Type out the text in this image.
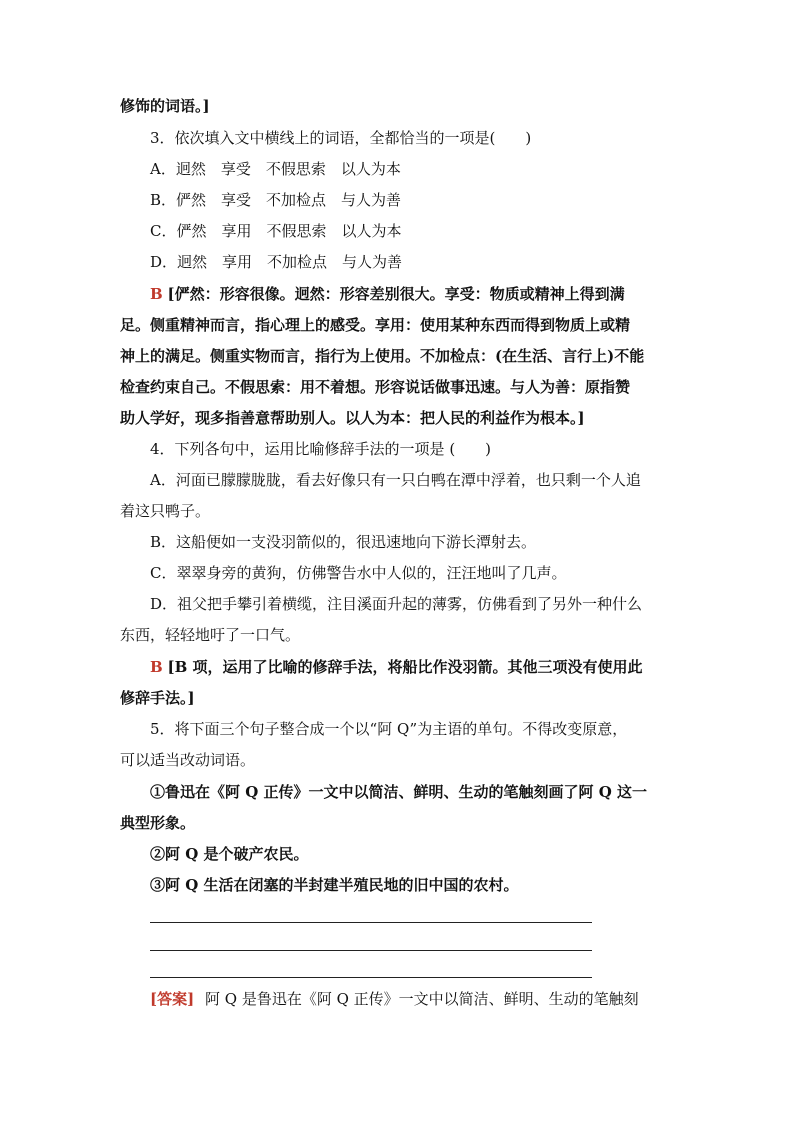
修饰的词语。]
3．依次填入文中横线上的词语，全都恰当的一项是(　　)
A．迥然　享受　不假思索　以人为本
B．俨然　享受　不加检点　与人为善
C．俨然　享用　不假思索　以人为本
D．迥然　享用　不加检点　与人为善
B [俨然：形容很像。迥然：形容差别很大。享受：物质或精神上得到满
足。侧重精神而言，指心理上的感受。享用：使用某种东西而得到物质上或精
神上的满足。侧重实物而言，指行为上使用。不加检点：(在生活、言行上)不能
检查约束自己。不假思索：用不着想。形容说话做事迅速。与人为善：原指赞
助人学好，现多指善意帮助别人。以人为本：把人民的利益作为根本。]
4．下列各句中，运用比喻修辞手法的一项是 (　　)
A．河面已朦朦胧胧，看去好像只有一只白鸭在潭中浮着，也只剩一个人追
着这只鸭子。
B．这船便如一支没羽箭似的，很迅速地向下游长潭射去。
C．翠翠身旁的黄狗，仿佛警告水中人似的，汪汪地叫了几声。
D．祖父把手攀引着横缆，注目溪面升起的薄雾，仿佛看到了另外一种什么
东西，轻轻地吁了一口气。
B [B 项，运用了比喻的修辞手法，将船比作没羽箭。其他三项没有使用此
修辞手法。]
5．将下面三个句子整合成一个以“阿 Q”为主语的单句。不得改变原意，
可以适当改动词语。
①鲁迅在《阿 Q 正传》一文中以简洁、鲜明、生动的笔触刻画了阿 Q 这一
典型形象。
②阿 Q 是个破产农民。
③阿 Q 生活在闭塞的半封建半殖民地的旧中国的农村。
[答案] 阿 Q 是鲁迅在《阿 Q 正传》一文中以简洁、鲜明、生动的笔触刻
